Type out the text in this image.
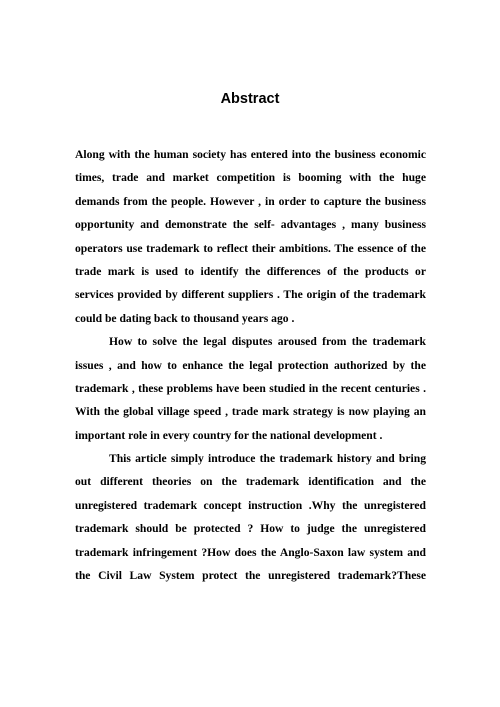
Abstract
Along with the human society has entered into the business economic
times, trade and market competition is booming with the huge
demands from the people. However , in order to capture the business
opportunity and demonstrate the self- advantages , many business
operators use trademark to reflect their ambitions. The essence of the
trade mark is used to identify the differences of the products or
services provided by different suppliers . The origin of the trademark
could be dating back to thousand years ago .
How to solve the legal disputes aroused from the trademark
issues , and how to enhance the legal protection authorized by the
trademark , these problems have been studied in the recent centuries .
With the global village speed , trade mark strategy is now playing an
important role in every country for the national development .
This article simply introduce the trademark history and bring
out different theories on the trademark identification and the
unregistered trademark concept instruction .Why the unregistered
trademark should be protected ? How to judge the unregistered
trademark infringement ?How does the Anglo-Saxon law system and
the Civil Law System protect the unregistered trademark?These
